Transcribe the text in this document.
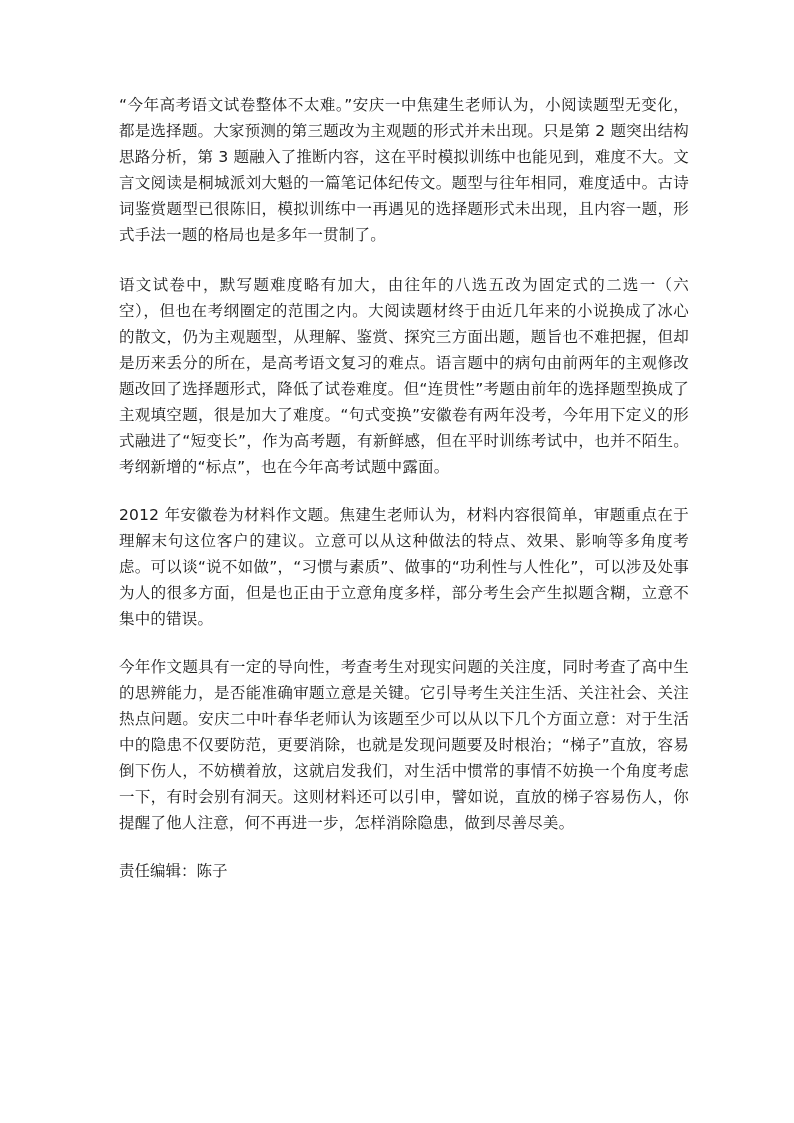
“今年高考语文试卷整体不太难。”安庆一中焦建生老师认为，小阅读题型无变化，都是选择题。大家预测的第三题改为主观题的形式并未出现。只是第 2 题突出结构思路分析，第 3 题融入了推断内容，这在平时模拟训练中也能见到，难度不大。文言文阅读是桐城派刘大魁的一篇笔记体纪传文。题型与往年相同，难度适中。古诗词鉴赏题型已很陈旧，模拟训练中一再遇见的选择题形式未出现，且内容一题，形式手法一题的格局也是多年一贯制了。

语文试卷中，默写题难度略有加大，由往年的八选五改为固定式的二选一（六空），但也在考纲圈定的范围之内。大阅读题材终于由近几年来的小说换成了冰心的散文，仍为主观题型，从理解、鉴赏、探究三方面出题，题旨也不难把握，但却是历来丢分的所在，是高考语文复习的难点。语言题中的病句由前两年的主观修改题改回了选择题形式，降低了试卷难度。但“连贯性”考题由前年的选择题型换成了主观填空题，很是加大了难度。“句式变换”安徽卷有两年没考，今年用下定义的形式融进了“短变长”，作为高考题，有新鲜感，但在平时训练考试中，也并不陌生。考纲新增的“标点”，也在今年高考试题中露面。

2012 年安徽卷为材料作文题。焦建生老师认为，材料内容很简单，审题重点在于理解末句这位客户的建议。立意可以从这种做法的特点、效果、影响等多角度考虑。可以谈“说不如做”，“习惯与素质”、做事的“功利性与人性化”，可以涉及处事为人的很多方面，但是也正由于立意角度多样，部分考生会产生拟题含糊，立意不集中的错误。

今年作文题具有一定的导向性，考查考生对现实问题的关注度，同时考查了高中生的思辨能力，是否能准确审题立意是关键。它引导考生关注生活、关注社会、关注热点问题。安庆二中叶春华老师认为该题至少可以从以下几个方面立意：对于生活中的隐患不仅要防范，更要消除，也就是发现问题要及时根治；“梯子”直放，容易倒下伤人，不妨横着放，这就启发我们，对生活中惯常的事情不妨换一个角度考虑一下，有时会别有洞天。这则材料还可以引申，譬如说，直放的梯子容易伤人，你提醒了他人注意，何不再进一步，怎样消除隐患，做到尽善尽美。

责任编辑：陈子
